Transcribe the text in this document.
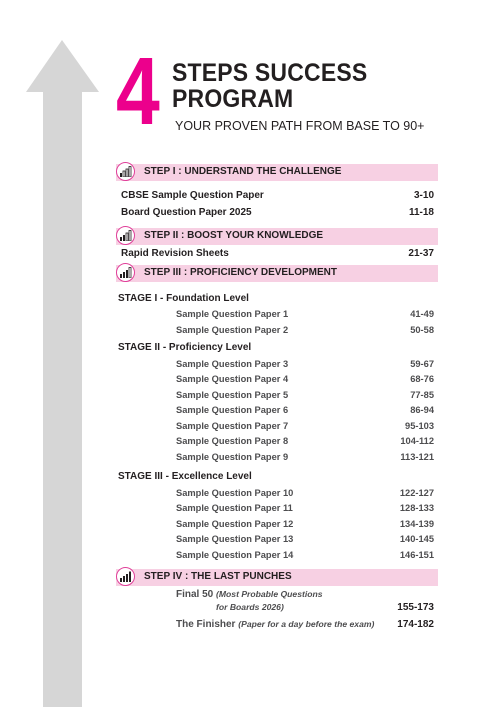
4 STEPS SUCCESS
PROGRAM
YOUR PROVEN PATH FROM BASE TO 90+
STEP I : UNDERSTAND THE CHALLENGE
CBSE Sample Question Paper	3-10
Board Question Paper 2025	11-18
STEP II : BOOST YOUR KNOWLEDGE
Rapid Revision Sheets	21-37
STEP III : PROFICIENCY DEVELOPMENT
STAGE I - Foundation Level
Sample Question Paper 1	41-49
Sample Question Paper 2	50-58
STAGE II - Proficiency Level
Sample Question Paper 3	59-67
Sample Question Paper 4	68-76
Sample Question Paper 5	77-85
Sample Question Paper 6	86-94
Sample Question Paper 7	95-103
Sample Question Paper 8	104-112
Sample Question Paper 9	113-121
STAGE III - Excellence Level
Sample Question Paper 10	122-127
Sample Question Paper 11	128-133
Sample Question Paper 12	134-139
Sample Question Paper 13	140-145
Sample Question Paper 14	146-151
STEP IV : THE LAST PUNCHES
Final 50 (Most Probable Questions
for Boards 2026)	155-173
The Finisher (Paper for a day before the exam)	174-182
